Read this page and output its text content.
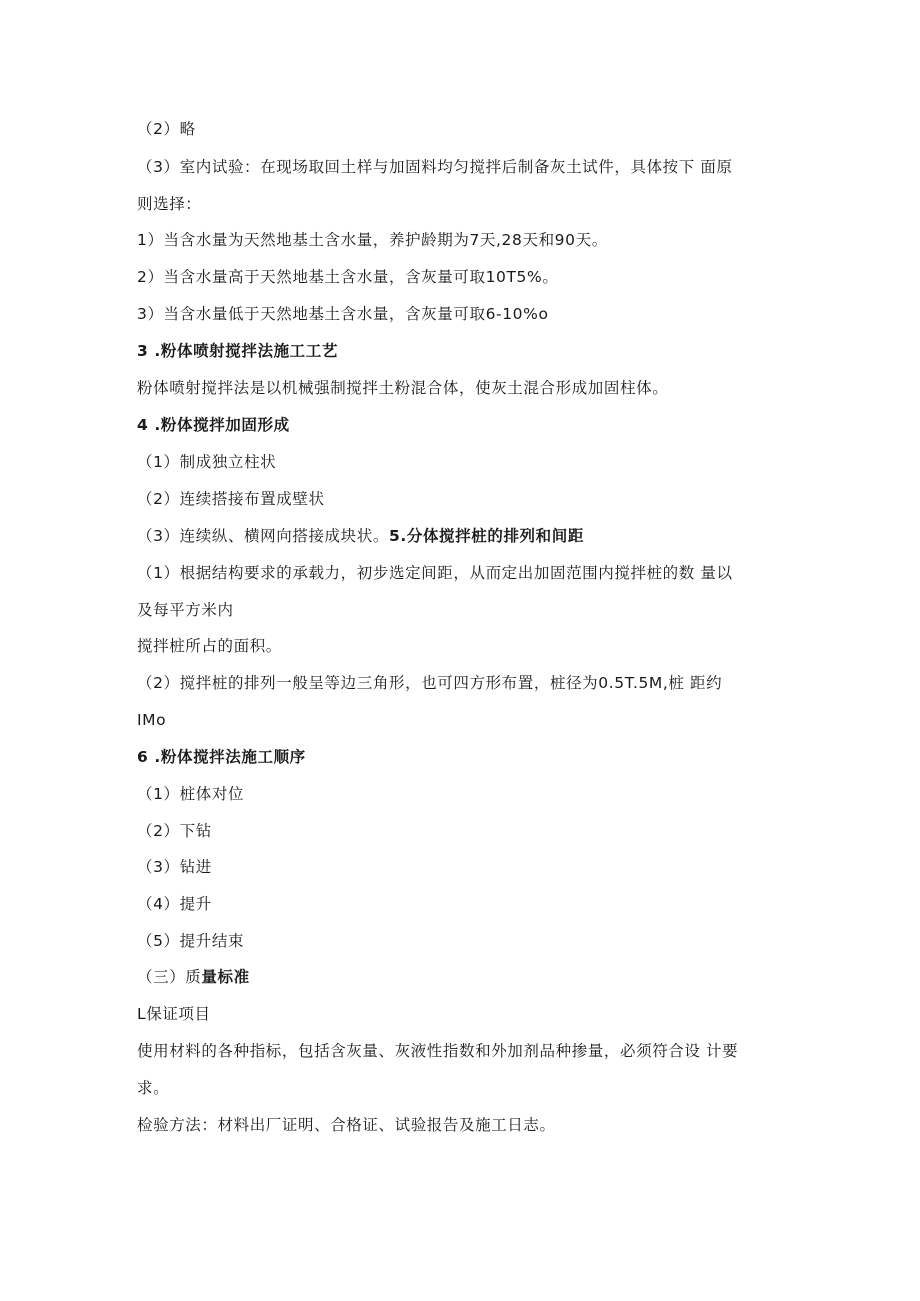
（2）略
（3）室内试验：在现场取回土样与加固料均匀搅拌后制备灰土试件，具体按下 面原
则选择：
1）当含水量为天然地基土含水量，养护龄期为7天,28天和90天。
2）当含水量高于天然地基土含水量，含灰量可取10T5%。
3）当含水量低于天然地基土含水量，含灰量可取6-10%o
3 .粉体喷射搅拌法施工工艺
粉体喷射搅拌法是以机械强制搅拌土粉混合体，使灰土混合形成加固柱体。
4 .粉体搅拌加固形成
（1）制成独立柱状
（2）连续搭接布置成壁状
（3）连续纵、横网向搭接成块状。5.分体搅拌桩的排列和间距
（1）根据结构要求的承载力，初步选定间距，从而定出加固范围内搅拌桩的数 量以
及每平方米内
搅拌桩所占的面积。
（2）搅拌桩的排列一般呈等边三角形，也可四方形布置，桩径为0.5T.5M,桩 距约
IMo
6 .粉体搅拌法施工顺序
（1）桩体对位
（2）下钻
（3）钻进
（4）提升
（5）提升结束
（三）质量标准
L保证项目
使用材料的各种指标，包括含灰量、灰液性指数和外加剂品种掺量，必须符合设 计要
求。
检验方法：材料出厂证明、合格证、试验报告及施工日志。
